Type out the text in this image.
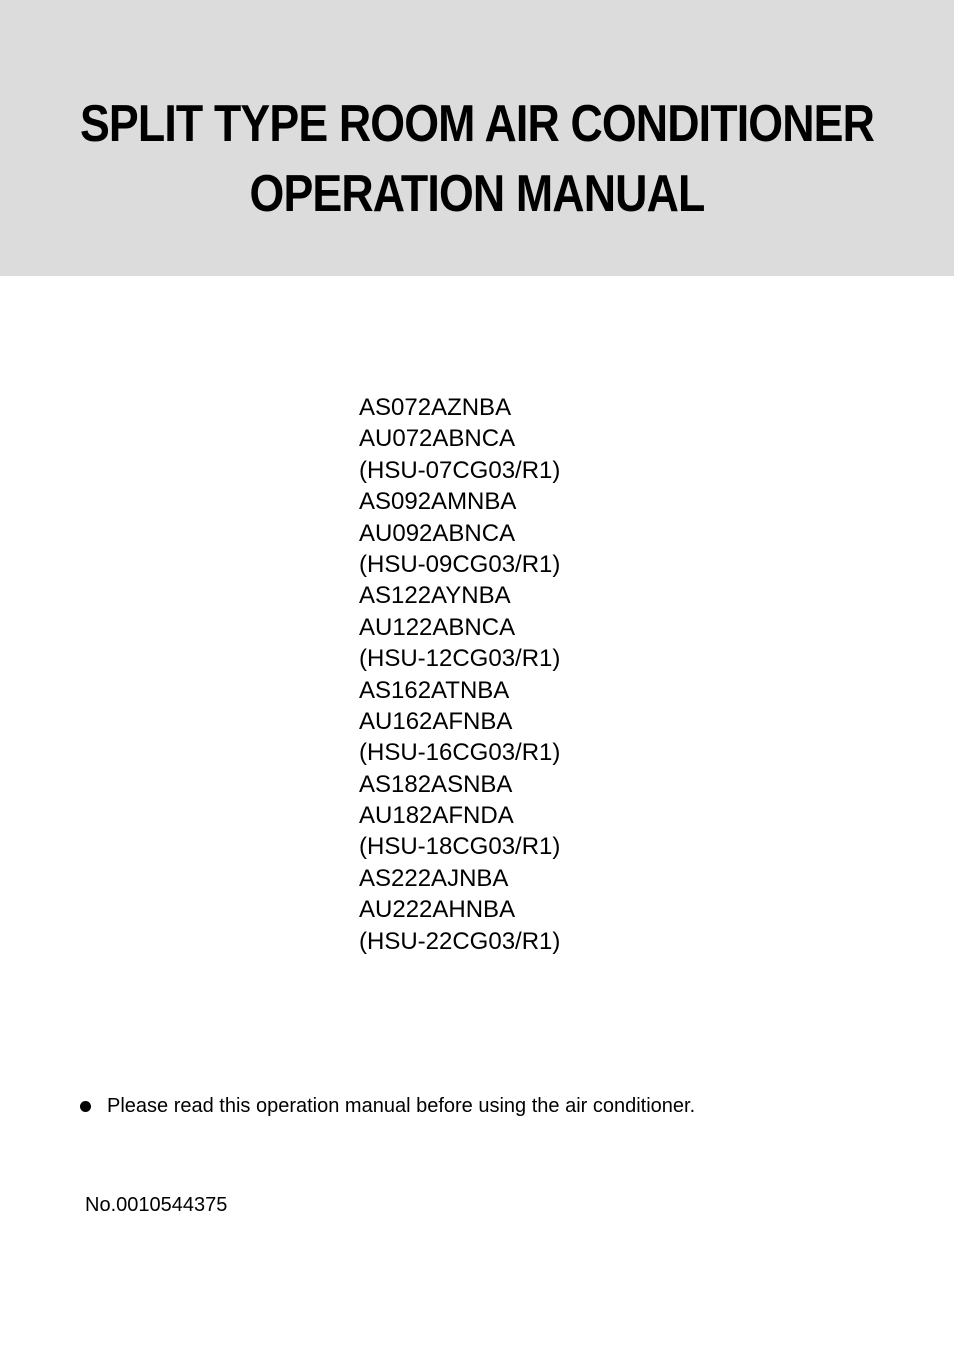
SPLIT TYPE ROOM AIR CONDITIONER
OPERATION MANUAL
AS072AZNBA
AU072ABNCA
(HSU-07CG03/R1)
AS092AMNBA
AU092ABNCA
(HSU-09CG03/R1)
AS122AYNBA
AU122ABNCA
(HSU-12CG03/R1)
AS162ATNBA
AU162AFNBA
(HSU-16CG03/R1)
AS182ASNBA
AU182AFNDA
(HSU-18CG03/R1)
AS222AJNBA
AU222AHNBA
(HSU-22CG03/R1)
Please read this operation manual before using the air conditioner.
No.0010544375
